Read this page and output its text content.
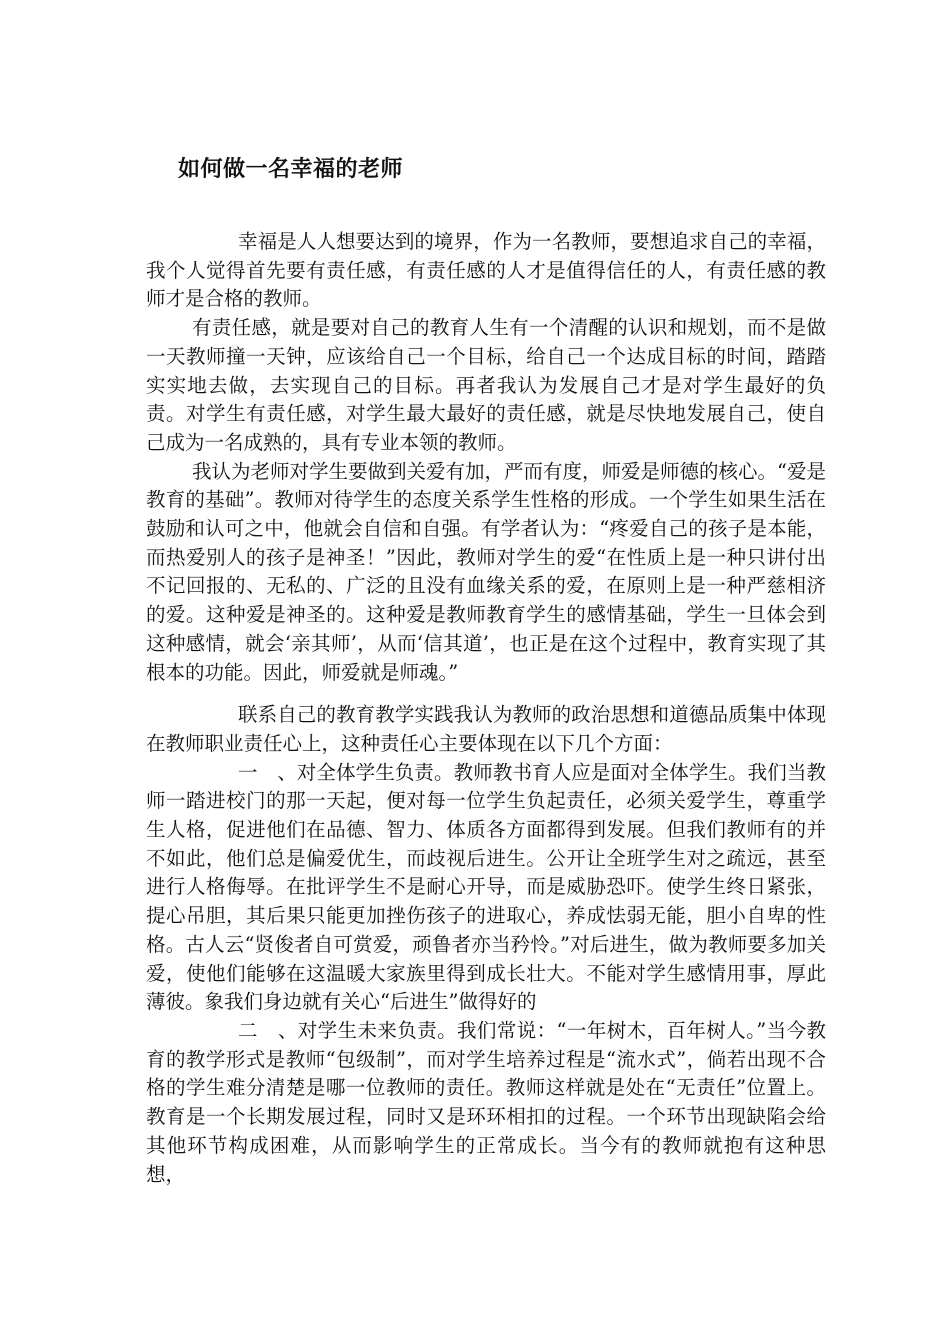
如何做一名幸福的老师

幸福是人人想要达到的境界，作为一名教师，要想追求自己的幸福，我个人觉得首先要有责任感，有责任感的人才是值得信任的人，有责任感的教师才是合格的教师。

有责任感，就是要对自己的教育人生有一个清醒的认识和规划，而不是做一天教师撞一天钟，应该给自己一个目标，给自己一个达成目标的时间，踏踏实实地去做，去实现自己的目标。再者我认为发展自己才是对学生最好的负责。对学生有责任感，对学生最大最好的责任感，就是尽快地发展自己，使自己成为一名成熟的，具有专业本领的教师。

我认为老师对学生要做到关爱有加，严而有度，师爱是师德的核心。“爱是教育的基础”。教师对待学生的态度关系学生性格的形成。一个学生如果生活在鼓励和认可之中，他就会自信和自强。有学者认为：“疼爱自己的孩子是本能，而热爱别人的孩子是神圣！”因此，教师对学生的爱“在性质上是一种只讲付出不记回报的、无私的、广泛的且没有血缘关系的爱，在原则上是一种严慈相济的爱。这种爱是神圣的。这种爱是教师教育学生的感情基础，学生一旦体会到这种感情，就会‘亲其师’，从而‘信其道’，也正是在这个过程中，教育实现了其根本的功能。因此，师爱就是师魂。”

联系自己的教育教学实践我认为教师的政治思想和道德品质集中体现在教师职业责任心上，这种责任心主要体现在以下几个方面：

一　、对全体学生负责。教师教书育人应是面对全体学生。我们当教师一踏进校门的那一天起，便对每一位学生负起责任，必须关爱学生，尊重学生人格，促进他们在品德、智力、体质各方面都得到发展。但我们教师有的并不如此，他们总是偏爱优生，而歧视后进生。公开让全班学生对之疏远，甚至进行人格侮辱。在批评学生不是耐心开导，而是威胁恐吓。使学生终日紧张，提心吊胆，其后果只能更加挫伤孩子的进取心，养成怯弱无能，胆小自卑的性格。古人云“贤俊者自可赏爱，顽鲁者亦当矜怜。”对后进生，做为教师要多加关爱，使他们能够在这温暖大家族里得到成长壮大。不能对学生感情用事，厚此薄彼。象我们身边就有关心“后进生”做得好的

二　、对学生未来负责。我们常说：“一年树木，百年树人。”当今教育的教学形式是教师“包级制”，而对学生培养过程是“流水式”，倘若出现不合格的学生难分清楚是哪一位教师的责任。教师这样就是处在“无责任”位置上。教育是一个长期发展过程，同时又是环环相扣的过程。一个环节出现缺陷会给其他环节构成困难，从而影响学生的正常成长。当今有的教师就抱有这种思想，
